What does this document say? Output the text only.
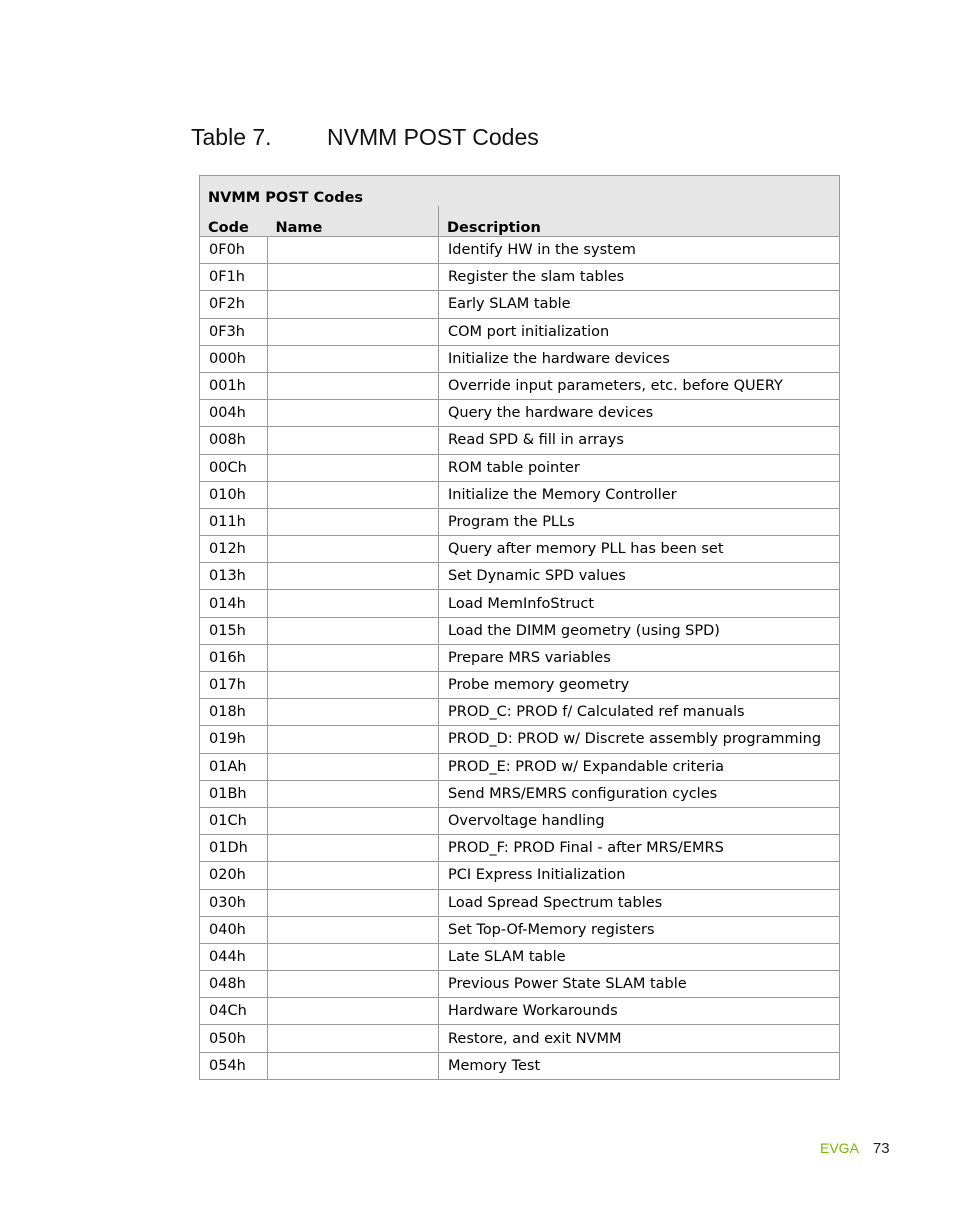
Table 7. NVMM POST Codes
NVMM POST Codes		
Code	Name	Description
0F0h		Identify HW in the system
0F1h		Register the slam tables
0F2h		Early SLAM table
0F3h		COM port initialization
000h		Initialize the hardware devices
001h		Override input parameters, etc. before QUERY
004h		Query the hardware devices
008h		Read SPD & fill in arrays
00Ch		ROM table pointer
010h		Initialize the Memory Controller
011h		Program the PLLs
012h		Query after memory PLL has been set
013h		Set Dynamic SPD values
014h		Load MemInfoStruct
015h		Load the DIMM geometry (using SPD)
016h		Prepare MRS variables
017h		Probe memory geometry
018h		PROD_C: PROD f/ Calculated ref manuals
019h		PROD_D: PROD w/ Discrete assembly programming
01Ah		PROD_E: PROD w/ Expandable criteria
01Bh		Send MRS/EMRS configuration cycles
01Ch		Overvoltage handling
01Dh		PROD_F: PROD Final - after MRS/EMRS
020h		PCI Express Initialization
030h		Load Spread Spectrum tables
040h		Set Top-Of-Memory registers
044h		Late SLAM table
048h		Previous Power State SLAM table
04Ch		Hardware Workarounds
050h		Restore, and exit NVMM
054h		Memory Test
EVGA 73
